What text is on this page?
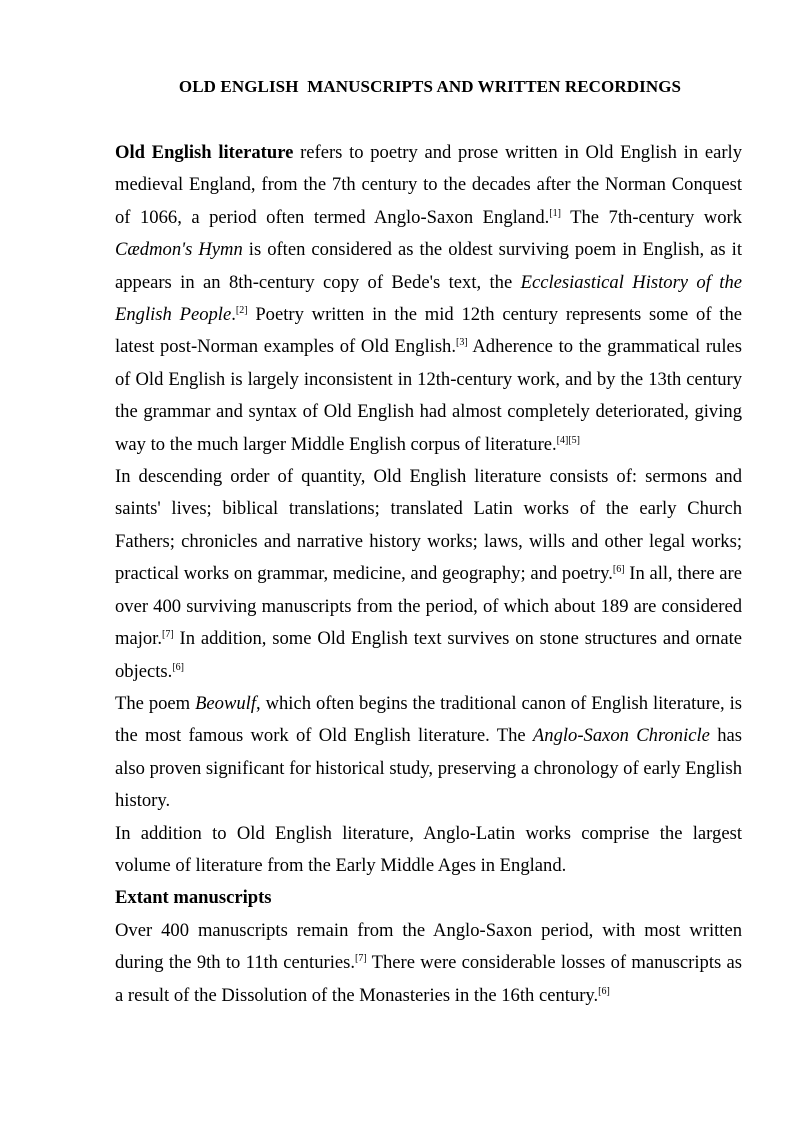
OLD ENGLISH  MANUSCRIPTS AND WRITTEN RECORDINGS

Old English literature refers to poetry and prose written in Old English in early medieval England, from the 7th century to the decades after the Norman Conquest of 1066, a period often termed Anglo-Saxon England.[1] The 7th-century work Cædmon's Hymn is often considered as the oldest surviving poem in English, as it appears in an 8th-century copy of Bede's text, the Ecclesiastical History of the English People.[2] Poetry written in the mid 12th century represents some of the latest post-Norman examples of Old English.[3] Adherence to the grammatical rules of Old English is largely inconsistent in 12th-century work, and by the 13th century the grammar and syntax of Old English had almost completely deteriorated, giving way to the much larger Middle English corpus of literature.[4][5]

In descending order of quantity, Old English literature consists of: sermons and saints' lives; biblical translations; translated Latin works of the early Church Fathers; chronicles and narrative history works; laws, wills and other legal works; practical works on grammar, medicine, and geography; and poetry.[6] In all, there are over 400 surviving manuscripts from the period, of which about 189 are considered major.[7] In addition, some Old English text survives on stone structures and ornate objects.[6]

The poem Beowulf, which often begins the traditional canon of English literature, is the most famous work of Old English literature. The Anglo-Saxon Chronicle has also proven significant for historical study, preserving a chronology of early English history.

In addition to Old English literature, Anglo-Latin works comprise the largest volume of literature from the Early Middle Ages in England.

Extant manuscripts

Over 400 manuscripts remain from the Anglo-Saxon period, with most written during the 9th to 11th centuries.[7] There were considerable losses of manuscripts as a result of the Dissolution of the Monasteries in the 16th century.[6]
